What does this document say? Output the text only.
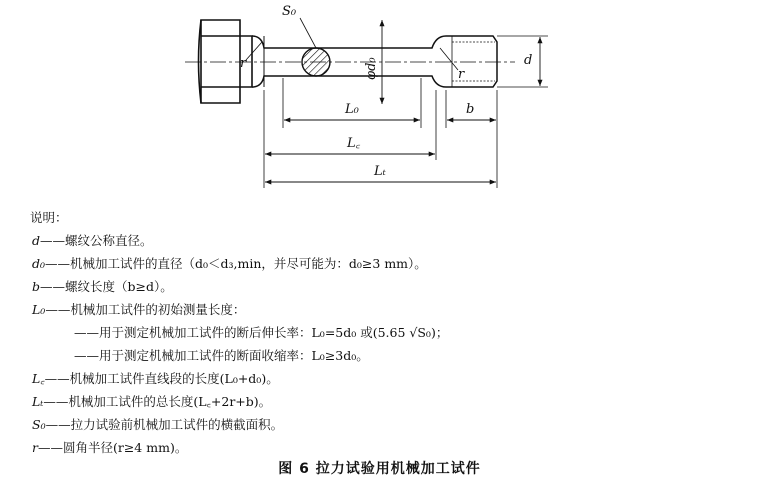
S₀
φd₀
r
r
d
L₀	b
L꜀
Lₜ
说明：
d——螺纹公称直径。
d₀——机械加工试件的直径（d₀＜d₃,min，并尽可能为：d₀≥3 mm）。
b——螺纹长度（b≥d）。
L₀——机械加工试件的初始测量长度：
——用于测定机械加工试件的断后伸长率：L₀=5d₀ 或(5.65 √S₀)；
——用于测定机械加工试件的断面收缩率：L₀≥3d₀。
L꜀——机械加工试件直线段的长度(L₀+d₀)。
Lₜ——机械加工试件的总长度(L꜀+2r+b)。
S₀——拉力试验前机械加工试件的横截面积。
r——圆角半径(r≥4 mm)。
图 6 拉力试验用机械加工试件
